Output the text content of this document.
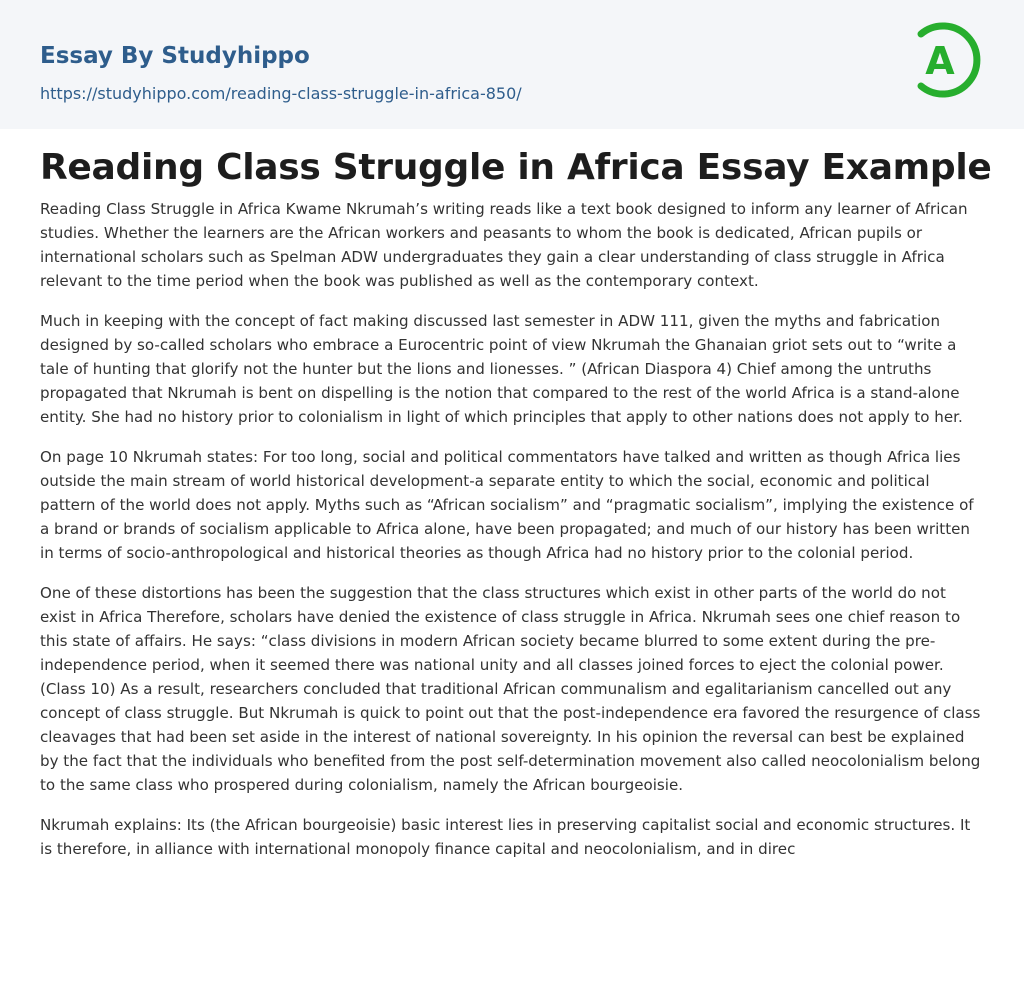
Essay By Studyhippo
https://studyhippo.com/reading-class-struggle-in-africa-850/
A
Reading Class Struggle in Africa Essay Example

Reading Class Struggle in Africa Kwame Nkrumah’s writing reads like a text book designed to inform any learner of African studies. Whether the learners are the African workers and peasants to whom the book is dedicated, African pupils or international scholars such as Spelman ADW undergraduates they gain a clear understanding of class struggle in Africa relevant to the time period when the book was published as well as the contemporary context.

Much in keeping with the concept of fact making discussed last semester in ADW 111, given the myths and fabrication designed by so-called scholars who embrace a Eurocentric point of view Nkrumah the Ghanaian griot sets out to “write a tale of hunting that glorify not the hunter but the lions and lionesses. ” (African Diaspora 4) Chief among the untruths propagated that Nkrumah is bent on dispelling is the notion that compared to the rest of the world Africa is a stand-alone entity. She had no history prior to colonialism in light of which principles that apply to other nations does not apply to her.

On page 10 Nkrumah states: For too long, social and political commentators have talked and written as though Africa lies outside the main stream of world historical development-a separate entity to which the social, economic and political pattern of the world does not apply. Myths such as “African socialism” and “pragmatic socialism”, implying the existence of a brand or brands of socialism applicable to Africa alone, have been propagated; and much of our history has been written in terms of socio-anthropological and historical theories as though Africa had no history prior to the colonial period.

One of these distortions has been the suggestion that the class structures which exist in other parts of the world do not exist in Africa Therefore, scholars have denied the existence of class struggle in Africa. Nkrumah sees one chief reason to this state of affairs. He says: “class divisions in modern African society became blurred to some extent during the pre-independence period, when it seemed there was national unity and all classes joined forces to eject the colonial power. (Class 10) As a result, researchers concluded that traditional African communalism and egalitarianism cancelled out any concept of class struggle. But Nkrumah is quick to point out that the post-independence era favored the resurgence of class cleavages that had been set aside in the interest of national sovereignty. In his opinion the reversal can best be explained by the fact that the individuals who benefited from the post self-determination movement also called neocolonialism belong to the same class who prospered during colonialism, namely the African bourgeoisie.

Nkrumah explains: Its (the African bourgeoisie) basic interest lies in preserving capitalist social and economic structures. It is therefore, in alliance with international monopoly finance capital and neocolonialism, and in direc
